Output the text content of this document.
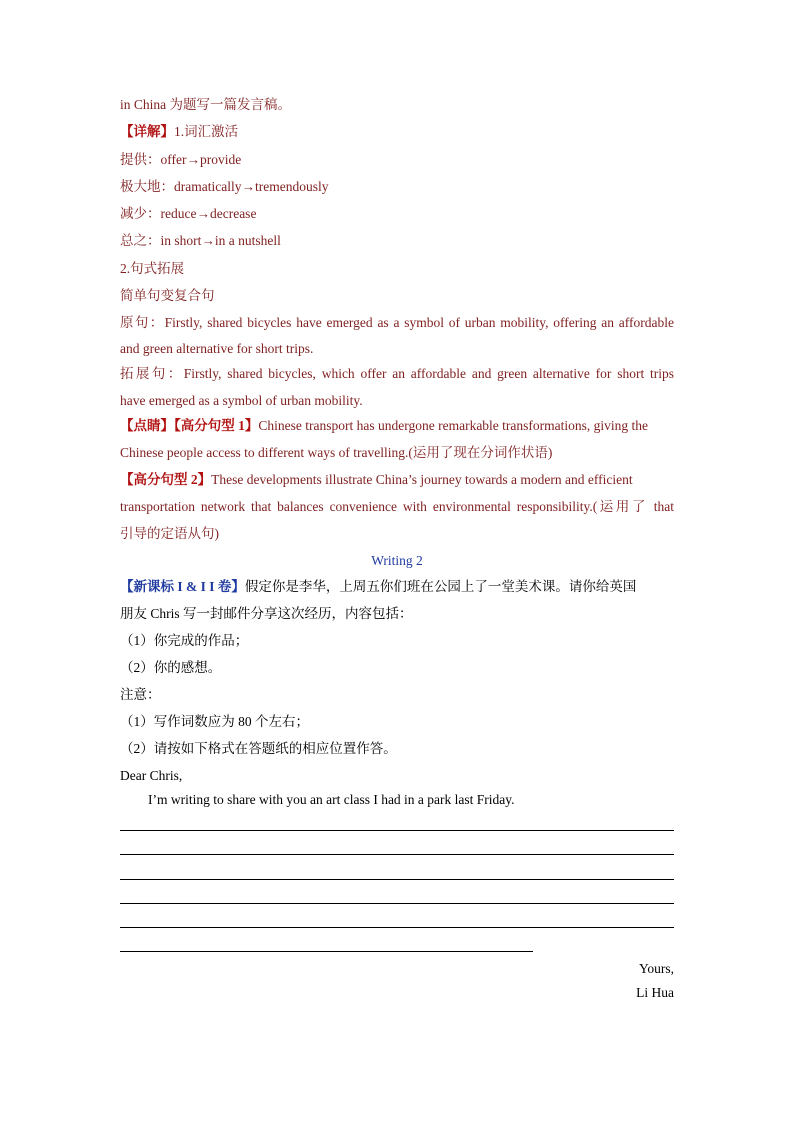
in China 为题写一篇发言稿。
【详解】1.词汇激活
提供：offer→provide
极大地：dramatically→tremendously
减少：reduce→decrease
总之：in short→in a nutshell
2.句式拓展
简单句变复合句
原句：Firstly, shared bicycles have emerged as a symbol of urban mobility, offering an affordable
and green alternative for short trips.
拓展句：Firstly, shared bicycles, which offer an affordable and green alternative for short trips
have emerged as a symbol of urban mobility.
【点睛】【高分句型 1】Chinese transport has undergone remarkable transformations, giving the
Chinese people access to different ways of travelling.(运用了现在分词作状语)
【高分句型 2】These developments illustrate China’s journey towards a modern and efficient
transportation network that balances convenience with environmental responsibility.(运用了 that
引导的定语从句)
Writing 2
【新课标 I & I I 卷】假定你是李华，上周五你们班在公园上了一堂美术课。请你给英国
朋友 Chris 写一封邮件分享这次经历，内容包括：
（1）你完成的作品；
（2）你的感想。
注意：
（1）写作词数应为 80 个左右；
（2）请按如下格式在答题纸的相应位置作答。
Dear Chris,
I’m writing to share with you an art class I had in a park last Friday.
Yours,
Li Hua
